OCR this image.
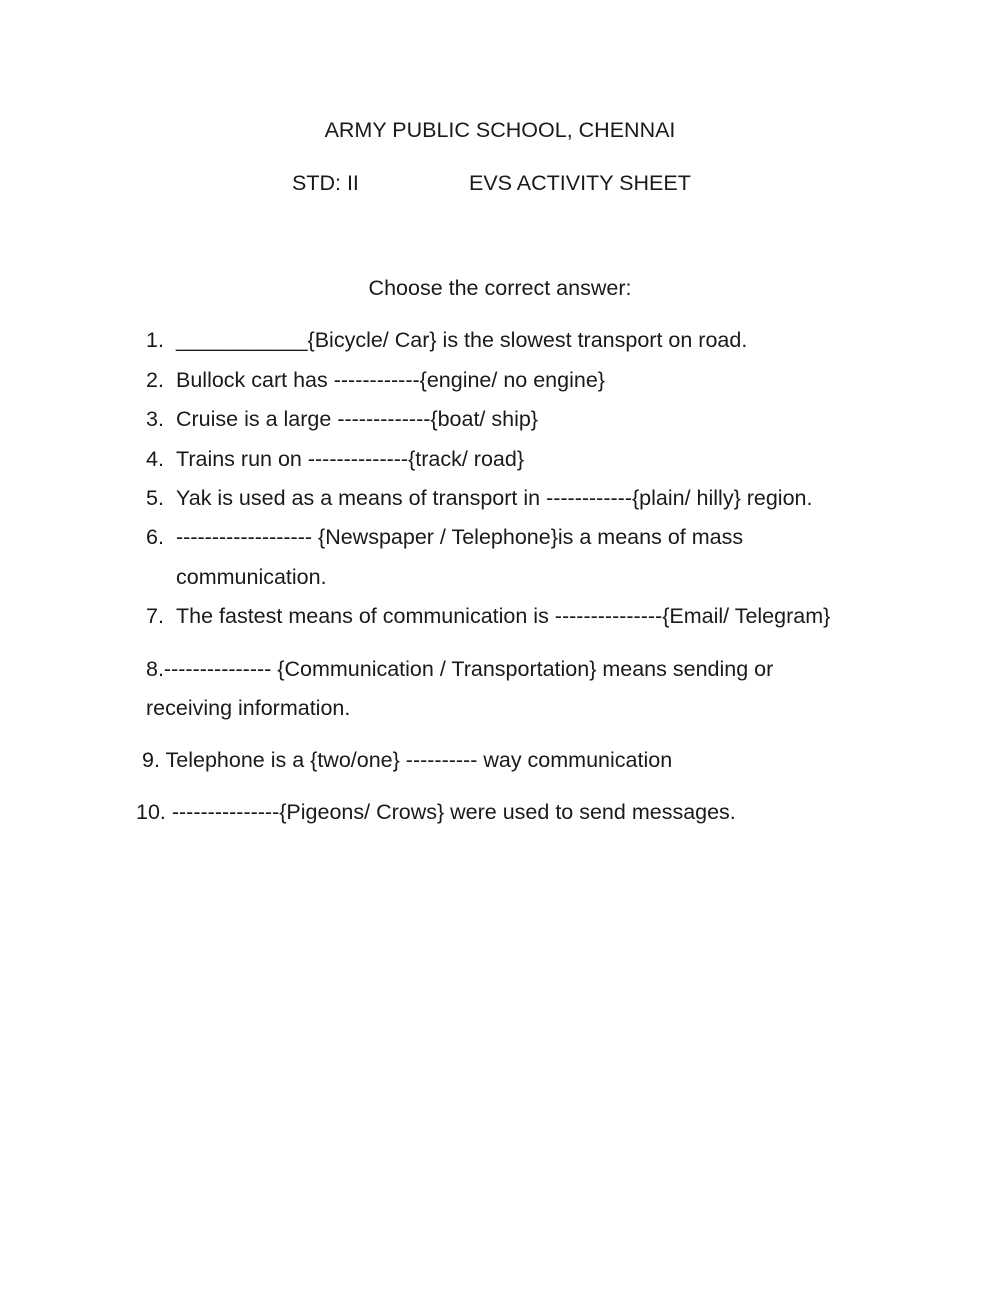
ARMY PUBLIC SCHOOL, CHENNAI
STD: II	EVS ACTIVITY SHEET
Choose the correct answer:
1. ___________{Bicycle/ Car} is the slowest transport on road.
2. Bullock cart has ------------{engine/ no engine}
3. Cruise is a large -------------{boat/ ship}
4. Trains run on --------------{track/ road}
5. Yak is used as a means of transport in ------------{plain/ hilly} region.
6. ------------------- {Newspaper / Telephone}is a means of mass
communication.
7. The fastest means of communication is ---------------{Email/ Telegram}
8.--------------- {Communication / Transportation} means sending or
receiving information.
9. Telephone is a {two/one} ---------- way communication
10. ---------------{Pigeons/ Crows} were used to send messages.
